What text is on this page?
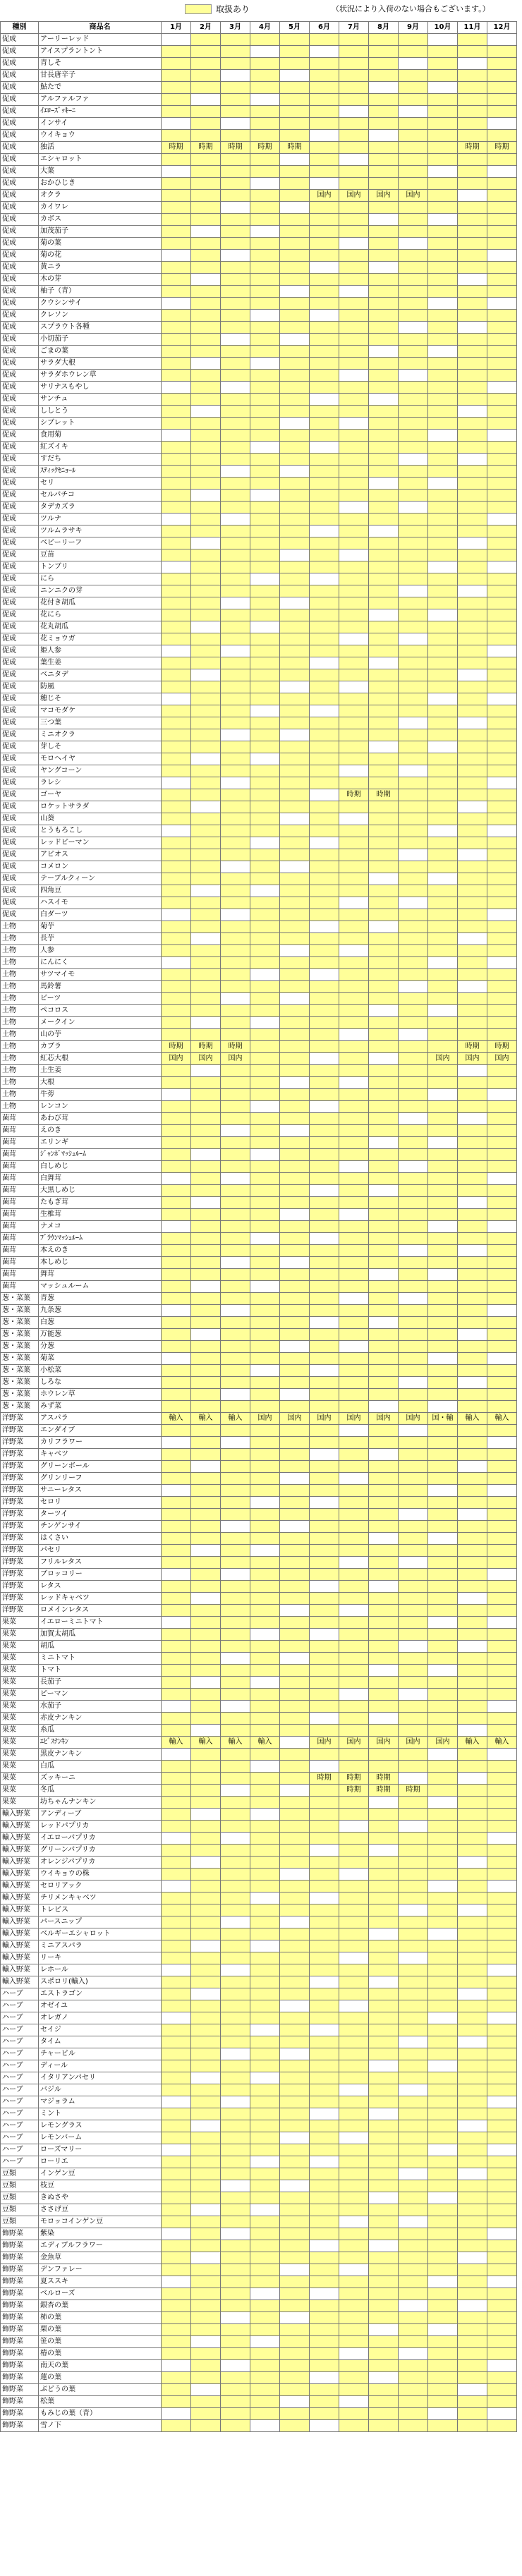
取扱あり	（状況により入荷のない場合もございます。）
種別	商品名	1月	2月	3月	4月	5月	6月	7月	8月	9月	10月	11月	12月
促成	アーリーレッド												
促成	アイスプラントント												
促成	青しそ												
促成	甘長唐辛子												
促成	鮎たで												
促成	アルファルファ												
促成	ｲｴﾛｰｽﾞｯｷｰﾆ												
促成	インサイ												
促成	ウイキョウ												
促成	独活	時期	時期	時期	時期	時期						時期	時期
促成	エシャロット												
促成	大葉												
促成	おかひじき												
促成	オクラ						国内	国内	国内	国内			
促成	カイワレ												
促成	カボス												
促成	加茂茄子												
促成	菊の葉												
促成	菊の花												
促成	黄ニラ												
促成	木の芽												
促成	柚子（青）												
促成	クウシンサイ												
促成	クレソン												
促成	スプラウト各種												
促成	小切茄子												
促成	ごまの葉												
促成	サラダ大根												
促成	サラダホウレン草												
促成	サリナスもやし												
促成	サンチュ												
促成	ししとう												
促成	シブレット												
促成	食用菊												
促成	紅ズイキ												
促成	すだち												
促成	ｽﾃｨｯｸｾﾆｮｰﾙ												
促成	セリ												
促成	セルパチコ												
促成	タデカズラ												
促成	ツルナ												
促成	ツルムラサキ												
促成	ベビーリーフ												
促成	豆苗												
促成	トンブリ												
促成	にら												
促成	ニンニクの芽												
促成	花付き胡瓜												
促成	花にら												
促成	花丸胡瓜												
促成	花ミョウガ												
促成	姫人参												
促成	葉生姜												
促成	ベニタデ												
促成	防風												
促成	穂じそ												
促成	マコモダケ												
促成	三つ葉												
促成	ミニオクラ												
促成	芽しそ												
促成	モロヘイヤ												
促成	ヤングコーン												
促成	ラレシ												
促成	ゴーヤ							時期	時期				
促成	ロケットサラダ												
促成	山葵												
促成	とうもろこし												
促成	レッドピーマン												
促成	アピオス												
促成	コメロン												
促成	テーブルクィーン												
促成	四角豆												
促成	ハスイモ												
促成	白ダーツ												
土物	菊芋												
土物	長芋												
土物	人参												
土物	にんにく												
土物	サツマイモ												
土物	馬鈴薯												
土物	ビーツ												
土物	ペコロス												
土物	メークイン												
土物	山の芋												
土物	カブラ	時期	時期	時期								時期	時期
土物	紅芯大根	国内	国内	国内							国内	国内	国内
土物	土生姜												
土物	大根												
土物	牛蒡												
土物	レンコン												
菌茸	あわび茸												
菌茸	えのき												
菌茸	エリンギ												
菌茸	ｼﾞｬﾝﾎﾞﾏｯｼｭﾙｰﾑ												
菌茸	白しめじ												
菌茸	白舞茸												
菌茸	大黒しめじ												
菌茸	たもぎ茸												
菌茸	生椎茸												
菌茸	ナメコ												
菌茸	ﾌﾞﾗｳﾝﾏｯｼｭﾙｰﾑ												
菌茸	本えのき												
菌茸	本しめじ												
菌茸	舞茸												
菌茸	マッシュルーム												
葱・菜葉	青葱												
葱・菜葉	九条葱												
葱・菜葉	白葱												
葱・菜葉	万能葱												
葱・菜葉	分葱												
葱・菜葉	菊菜												
葱・菜葉	小松菜												
葱・菜葉	しろな												
葱・菜葉	ホウレン草												
葱・菜葉	みず菜												
洋野菜	アスパラ	輸入	輸入	輸入	国内	国内	国内	国内	国内	国内	国・輸	輸入	輸入
洋野菜	エンダイブ												
洋野菜	カリフラワー												
洋野菜	キャベツ												
洋野菜	グリーンボール												
洋野菜	グリンリーフ												
洋野菜	サニーレタス												
洋野菜	セロリ												
洋野菜	ターツイ												
洋野菜	チンゲンサイ												
洋野菜	はくさい												
洋野菜	パセリ												
洋野菜	フリルレタス												
洋野菜	ブロッコリー												
洋野菜	レタス												
洋野菜	レッドキャベツ												
洋野菜	ロメインレタス												
果菜	イエローミニトマト												
果菜	加賀太胡瓜												
果菜	胡瓜												
果菜	ミニトマト												
果菜	トマト												
果菜	長茄子												
果菜	ピーマン												
果菜	水茄子												
果菜	赤皮ナンキン												
果菜	糸瓜												
果菜	ｴﾋﾞｽﾅﾝｷﾝ	輸入	輸入	輸入	輸入		国内	国内	国内	国内	国内	輸入	輸入
果菜	黒皮ナンキン												
果菜	白瓜												
果菜	ズッキーニ						時期	時期	時期				
果菜	冬瓜							時期	時期	時期			
果菜	坊ちゃんナンキン												
輸入野菜	アンディーブ												
輸入野菜	レッドパプリカ												
輸入野菜	イエローパプリカ												
輸入野菜	グリーンパプリカ												
輸入野菜	オレンジパプリカ												
輸入野菜	ウイキョウの株												
輸入野菜	セロリアック												
輸入野菜	チリメンキャベツ												
輸入野菜	トレビス												
輸入野菜	パースニップ												
輸入野菜	ベルギーエシャロット												
輸入野菜	ミニアスパラ												
輸入野菜	リーキ												
輸入野菜	レホール												
輸入野菜	スポロリ(輸入)												
ハーブ	エストラゴン												
ハーブ	オゼイユ												
ハーブ	オレガノ												
ハーブ	セイジ												
ハーブ	タイム												
ハーブ	チャービル												
ハーブ	ディール												
ハーブ	イタリアンパセリ												
ハーブ	バジル												
ハーブ	マジョラム												
ハーブ	ミント												
ハーブ	レモングラス												
ハーブ	レモンバーム												
ハーブ	ローズマリー												
ハーブ	ローリエ												
豆類	インゲン豆												
豆類	枝豆												
豆類	きぬさや												
豆類	ささげ豆												
豆類	モロッコインゲン豆												
飾野菜	紫染												
飾野菜	エディブルフラワー												
飾野菜	金魚草												
飾野菜	デンファレー												
飾野菜	夏ススキ												
飾野菜	ベルローズ												
飾野菜	銀杏の葉												
飾野菜	柿の葉												
飾野菜	栗の葉												
飾野菜	笹の葉												
飾野菜	椿の葉												
飾野菜	南天の葉												
飾野菜	蓮の葉												
飾野菜	ぶどうの葉												
飾野菜	松葉												
飾野菜	もみじの葉（青）												
飾野菜	雪ノ下												
